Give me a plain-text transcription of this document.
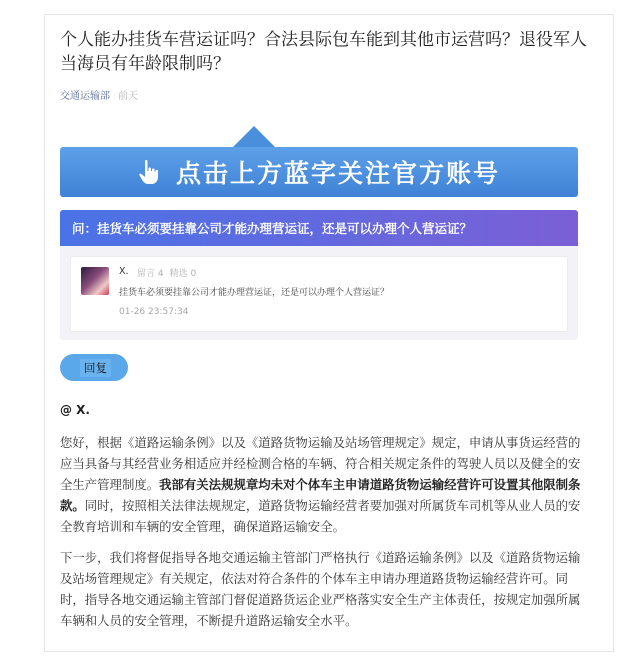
个人能办挂货车营运证吗？合法县际包车能到其他市运营吗？退役军人当海员有年龄限制吗？
交通运输部 前天
点击上方蓝字关注官方账号
问：挂货车必须要挂靠公司才能办理营运证，还是可以办理个人营运证？
X. 留言 4 精选 0
挂货车必须要挂靠公司才能办理营运证，还是可以办理个人营运证？
01-26 23:57:34
回复
@ X.

您好，根据《道路运输条例》以及《道路货物运输及站场管理规定》规定，申请从事货运经营的应当具备与其经营业务相适应并经检测合格的车辆、符合相关规定条件的驾驶人员以及健全的安全生产管理制度。我部有关法规规章均未对个体车主申请道路货物运输经营许可设置其他限制条款。同时，按照相关法律法规规定，道路货物运输经营者要加强对所属货车司机等从业人员的安全教育培训和车辆的安全管理，确保道路运输安全。

下一步，我们将督促指导各地交通运输主管部门严格执行《道路运输条例》以及《道路货物运输及站场管理规定》有关规定，依法对符合条件的个体车主申请办理道路货物运输经营许可。同时，指导各地交通运输主管部门督促道路货运企业严格落实安全生产主体责任，按规定加强所属车辆和人员的安全管理，不断提升道路运输安全水平。
